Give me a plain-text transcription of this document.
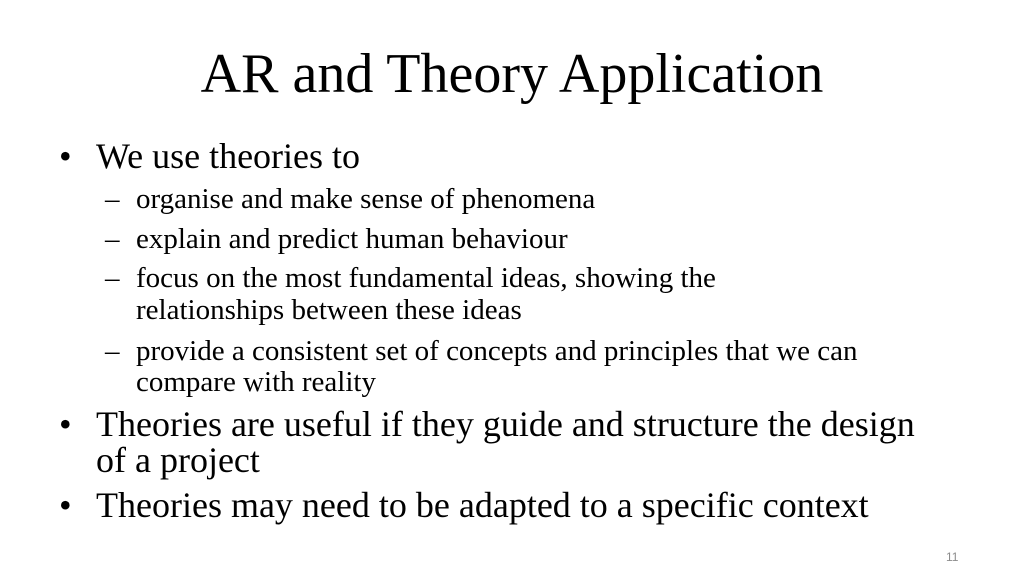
AR and Theory Application
• We use theories to
– organise and make sense of phenomena
– explain and predict human behaviour
– focus on the most fundamental ideas, showing the
relationships between these ideas
– provide a consistent set of concepts and principles that we can
compare with reality
• Theories are useful if they guide and structure the design
of a project
• Theories may need to be adapted to a specific context
11
